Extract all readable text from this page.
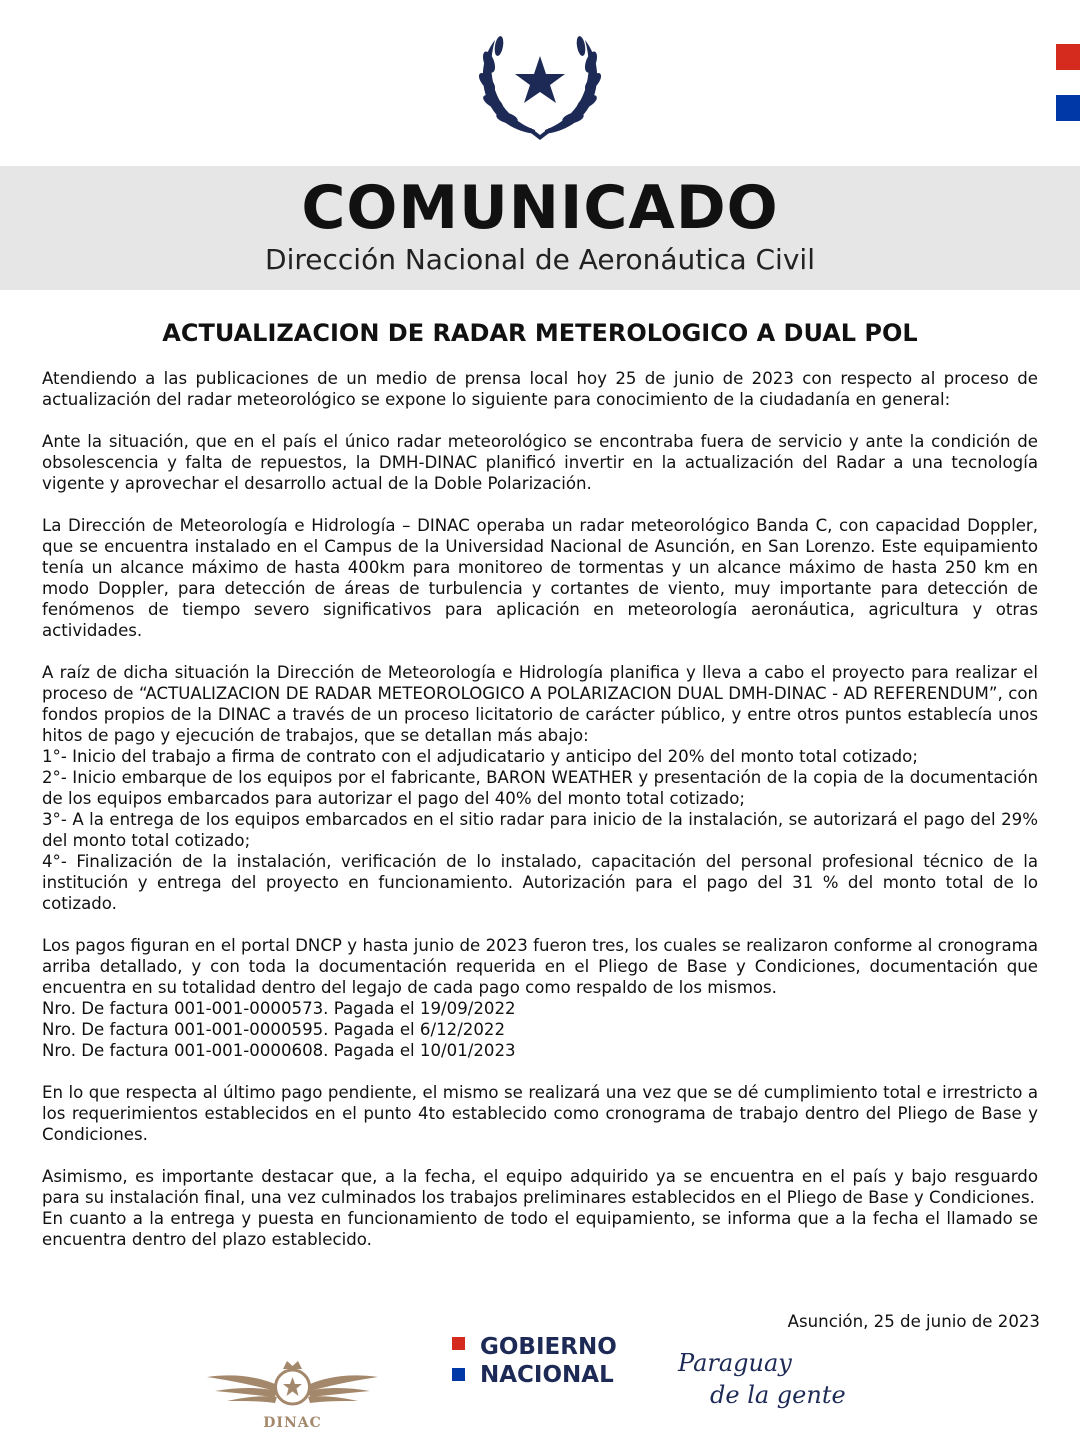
COMUNICADO
Dirección Nacional de Aeronáutica Civil
ACTUALIZACION DE RADAR METEROLOGICO A DUAL POL

Atendiendo a las publicaciones de un medio de prensa local hoy 25 de junio de 2023 con respecto al proceso de actualización del radar meteorológico se expone lo siguiente para conocimiento de la ciudadanía en general:

Ante la situación, que en el país el único radar meteorológico se encontraba fuera de servicio y ante la condición de obsolescencia y falta de repuestos, la DMH-DINAC planificó invertir en la actualización del Radar a una tecnología vigente y aprovechar el desarrollo actual de la Doble Polarización.

La Dirección de Meteorología e Hidrología – DINAC operaba un radar meteorológico Banda C, con capacidad Doppler, que se encuentra instalado en el Campus de la Universidad Nacional de Asunción, en San Lorenzo. Este equipamiento tenía un alcance máximo de hasta 400km para monitoreo de tormentas y un alcance máximo de hasta 250 km en modo Doppler, para detección de áreas de turbulencia y cortantes de viento, muy importante para detección de fenómenos de tiempo severo significativos para aplicación en meteorología aeronáutica, agricultura y otras actividades.

A raíz de dicha situación la Dirección de Meteorología e Hidrología planifica y lleva a cabo el proyecto para realizar el proceso de “ACTUALIZACION DE RADAR METEOROLOGICO A POLARIZACION DUAL DMH-DINAC - AD REFERENDUM”, con fondos propios de la DINAC a través de un proceso licitatorio de carácter público, y entre otros puntos establecía unos hitos de pago y ejecución de trabajos, que se detallan más abajo:

1°- Inicio del trabajo a firma de contrato con el adjudicatario y anticipo del 20% del monto total cotizado;

2°- Inicio embarque de los equipos por el fabricante, BARON WEATHER y presentación de la copia de la documentación de los equipos embarcados para autorizar el pago del 40% del monto total cotizado;

3°- A la entrega de los equipos embarcados en el sitio radar para inicio de la instalación, se autorizará el pago del 29% del monto total cotizado;

4°- Finalización de la instalación, verificación de lo instalado, capacitación del personal profesional técnico de la institución y entrega del proyecto en funcionamiento. Autorización para el pago del 31 % del monto total de lo cotizado.

Los pagos figuran en el portal DNCP y hasta junio de 2023 fueron tres, los cuales se realizaron conforme al cronograma arriba detallado, y con toda la documentación requerida en el Pliego de Base y Condiciones, documentación que encuentra en su totalidad dentro del legajo de cada pago como respaldo de los mismos.

Nro. De factura 001-001-0000573. Pagada el 19/09/2022

Nro. De factura 001-001-0000595. Pagada el 6/12/2022

Nro. De factura 001-001-0000608. Pagada el 10/01/2023

En lo que respecta al último pago pendiente, el mismo se realizará una vez que se dé cumplimiento total e irrestricto a los requerimientos establecidos en el punto 4to establecido como cronograma de trabajo dentro del Pliego de Base y Condiciones.

Asimismo, es importante destacar que, a la fecha, el equipo adquirido ya se encuentra en el país y bajo resguardo para su instalación final, una vez culminados los trabajos preliminares establecidos en el Pliego de Base y Condiciones.

En cuanto a la entrega y puesta en funcionamiento de todo el equipamiento, se informa que a la fecha el llamado se encuentra dentro del plazo establecido.

Asunción, 25 de junio de 2023
DINAC
GOBIERNO
NACIONAL	Paraguay
de la gente
